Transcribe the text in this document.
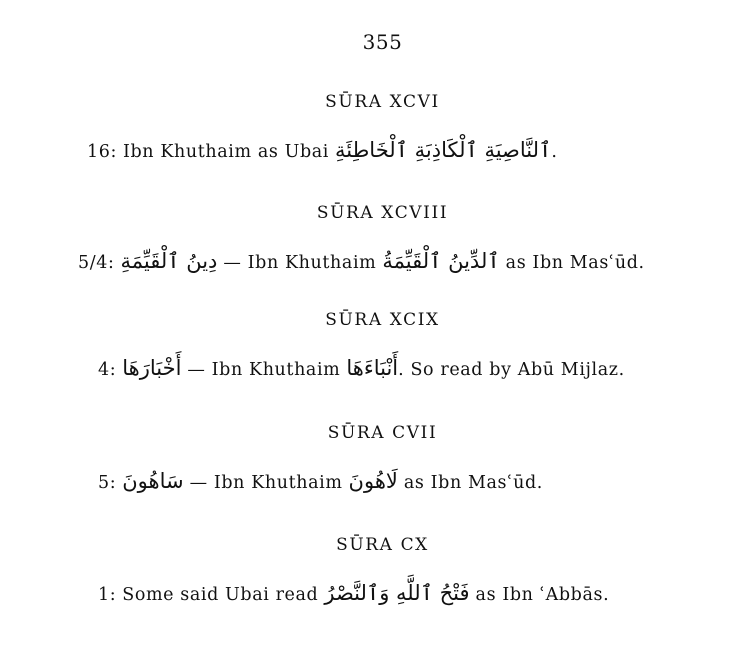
355
SŪRA XCVI
16: Ibn Khuthaim as Ubai ٱلنَّاصِيَةِ ٱلْكَاذِبَةِ ٱلْخَاطِئَةِ .
SŪRA XCVIII
5/4: دِينُ ٱلْقَيِّمَةِ — Ibn Khuthaim ٱلدِّينُ ٱلْقَيِّمَةُ as Ibn Masʿūd.
SŪRA XCIX
4: أَخْبَارَهَا — Ibn Khuthaim أَنْبَاءَهَا . So read by Abū Mijlaz.
SŪRA CVII
5: سَاهُونَ — Ibn Khuthaim لَاهُونَ as Ibn Masʿūd.
SŪRA CX
1: Some said Ubai read فَتْحُ ٱللَّهِ وَٱلنَّصْرُ as Ibn ʿAbbās.
